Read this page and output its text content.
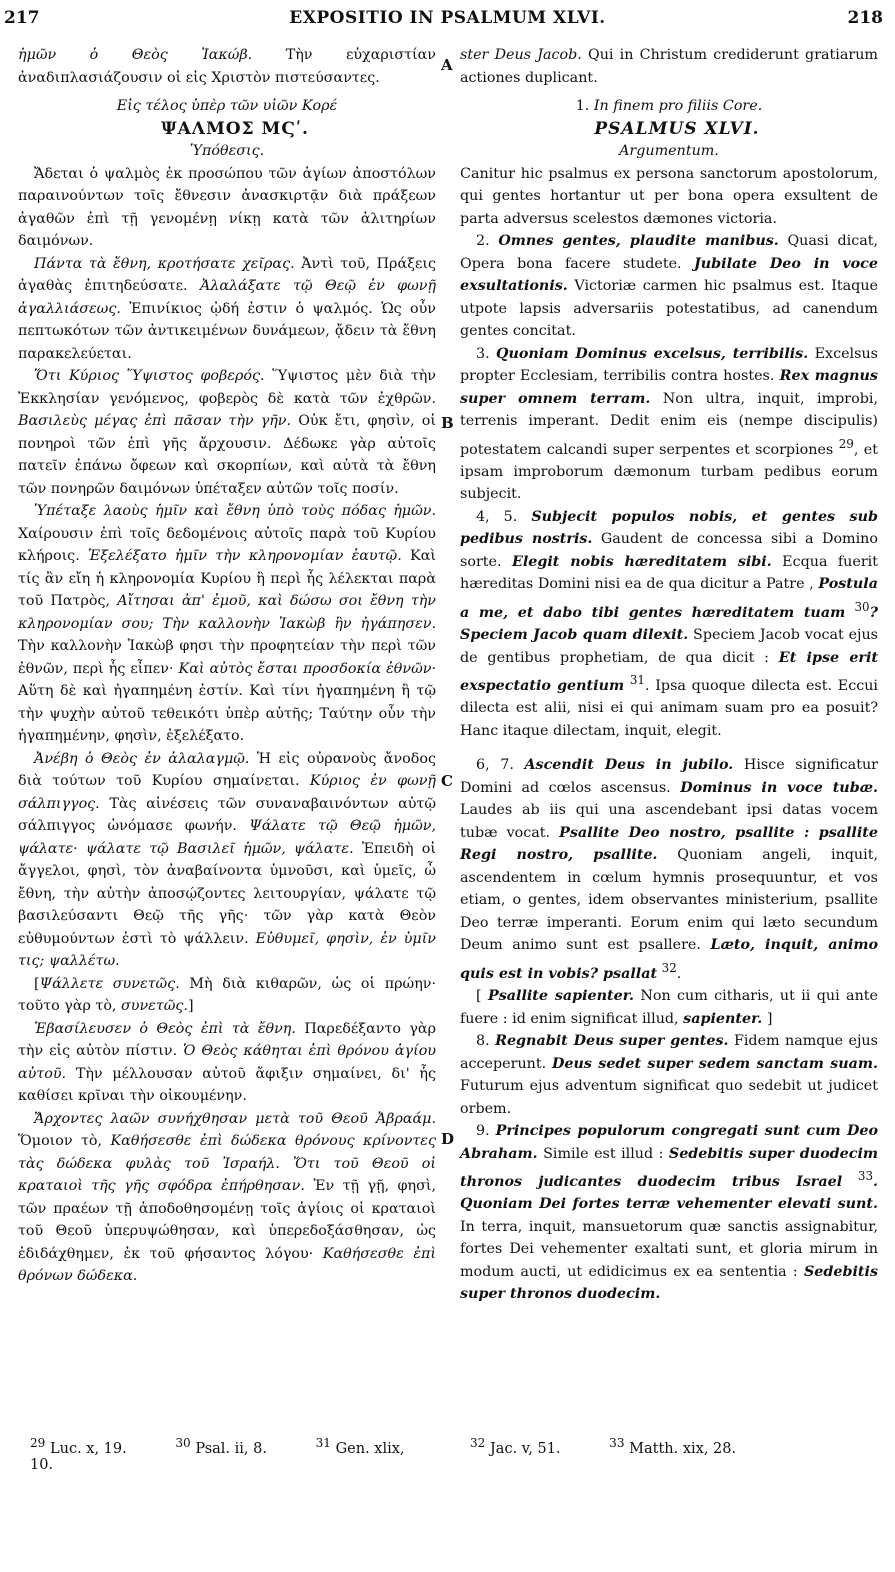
217	EXPOSITIO IN PSALMUM XLVI.	218

ἡμῶν ὁ Θεὸς Ἰακώβ. Τὴν εὐχαριστίαν ἀναδιπλασιάζουσιν οἱ εἰς Χριστὸν πιστεύσαντες.

Εἰς τέλος ὑπὲρ τῶν υἱῶν Κορέ

ΨΑΛΜΟΣ ΜϚʹ.

Ὑπόθεσις.

Ἄδεται ὁ ψαλμὸς ἐκ προσώπου τῶν ἁγίων ἀποστόλων παραινούντων τοῖς ἔθνεσιν ἀνασκιρτᾷν διὰ πράξεων ἀγαθῶν ἐπὶ τῇ γενομένῃ νίκῃ κατὰ τῶν ἀλιτηρίων δαιμόνων.

Πάντα τὰ ἔθνη, κροτήσατε χεῖρας. Ἀντὶ τοῦ, Πράξεις ἀγαθὰς ἐπιτηδεύσατε. Ἀλαλάξατε τῷ Θεῷ ἐν φωνῇ ἀγαλλιάσεως. Ἐπινίκιος ᾠδή ἐστιν ὁ ψαλμός. Ὡς οὖν πεπτωκότων τῶν ἀντικειμένων δυνάμεων, ᾄδειν τὰ ἔθνη παρακελεύεται.

Ὅτι Κύριος Ὕψιστος φοβερός. Ὕψιστος μὲν διὰ τὴν Ἐκκλησίαν γενόμενος, φοβερὸς δὲ κατὰ τῶν ἐχθρῶν. Βασιλεὺς μέγας ἐπὶ πᾶσαν τὴν γῆν. Οὐκ ἔτι, φησὶν, οἱ πονηροὶ τῶν ἐπὶ γῆς ἄρχουσιν. Δέδωκε γὰρ αὐτοῖς πατεῖν ἐπάνω ὄφεων καὶ σκορπίων, καὶ αὐτὰ τὰ ἔθνη τῶν πονηρῶν δαιμόνων ὑπέταξεν αὐτῶν τοῖς ποσίν.

Ὑπέταξε λαοὺς ἡμῖν καὶ ἔθνη ὑπὸ τοὺς πόδας ἡμῶν. Χαίρουσιν ἐπὶ τοῖς δεδομένοις αὐτοῖς παρὰ τοῦ Κυρίου κλήροις. Ἐξελέξατο ἡμῖν τὴν κληρονομίαν ἑαυτῷ. Καὶ τίς ἂν εἴη ἡ κληρονομία Κυρίου ἢ περὶ ἧς λέλεκται παρὰ τοῦ Πατρὸς, Αἴτησαι ἀπ' ἐμοῦ, καὶ δώσω σοι ἔθνη τὴν κληρονομίαν σου; Τὴν καλλονὴν Ἰακὼβ ἣν ἠγάπησεν. Τὴν καλλονὴν Ἰακὼβ φησι τὴν προφητείαν τὴν περὶ τῶν ἐθνῶν, περὶ ἧς εἶπεν· Καὶ αὐτὸς ἔσται προσδοκία ἐθνῶν· Αὕτη δὲ καὶ ἠγαπημένη ἐστίν. Καὶ τίνι ἠγαπημένη ἢ τῷ τὴν ψυχὴν αὐτοῦ τεθεικότι ὑπὲρ αὐτῆς; Ταύτην οὖν τὴν ἠγαπημένην, φησὶν, ἐξελέξατο.

Ἀνέβη ὁ Θεὸς ἐν ἀλαλαγμῷ. Ἡ εἰς οὐρανοὺς ἄνοδος διὰ τούτων τοῦ Κυρίου σημαίνεται. Κύριος ἐν φωνῇ σάλπιγγος. Τὰς αἰνέσεις τῶν συναναβαινόντων αὐτῷ σάλπιγγος ὠνόμασε φωνήν. Ψάλατε τῷ Θεῷ ἡμῶν, ψάλατε· ψάλατε τῷ Βασιλεῖ ἡμῶν, ψάλατε. Ἐπειδὴ οἱ ἄγγελοι, φησὶ, τὸν ἀναβαίνοντα ὑμνοῦσι, καὶ ὑμεῖς, ὦ ἔθνη, τὴν αὐτὴν ἀποσῴζοντες λειτουργίαν, ψάλατε τῷ βασιλεύσαντι Θεῷ τῆς γῆς· τῶν γὰρ κατὰ Θεὸν εὐθυμούντων ἐστὶ τὸ ψάλλειν. Εὐθυμεῖ, φησὶν, ἐν ὑμῖν τις; ψαλλέτω.

[Ψάλλετε συνετῶς. Μὴ διὰ κιθαρῶν, ὡς οἱ πρώην· τοῦτο γὰρ τὸ, συνετῶς.]

Ἐβασίλευσεν ὁ Θεὸς ἐπὶ τὰ ἔθνη. Παρεδέξαντο γὰρ τὴν εἰς αὐτὸν πίστιν. Ὁ Θεὸς κάθηται ἐπὶ θρόνου ἁγίου αὐτοῦ. Τὴν μέλλουσαν αὐτοῦ ἄφιξιν σημαίνει, δι' ἧς καθίσει κρῖναι τὴν οἰκουμένην.

Ἄρχοντες λαῶν συνήχθησαν μετὰ τοῦ Θεοῦ Ἀβραάμ. Ὅμοιον τὸ, Καθήσεσθε ἐπὶ δώδεκα θρόνους κρίνοντες τὰς δώδεκα φυλὰς τοῦ Ἰσραήλ. Ὅτι τοῦ Θεοῦ οἱ κραταιοὶ τῆς γῆς σφόδρα ἐπήρθησαν. Ἐν τῇ γῇ, φησὶ, τῶν πραέων τῇ ἀποδοθησομένῃ τοῖς ἁγίοις οἱ κραταιοὶ τοῦ Θεοῦ ὑπερυψώθησαν, καὶ ὑπερεδοξάσθησαν, ὡς ἐδιδάχθημεν, ἐκ τοῦ φήσαντος λόγου· Καθήσεσθε ἐπὶ θρόνων δώδεκα.

A
B
C
D

ster Deus Jacob. Qui in Christum crediderunt gratiarum actiones duplicant.

1. In finem pro filiis Core.

PSALMUS XLVI.

Argumentum.

Canitur hic psalmus ex persona sanctorum apostolorum, qui gentes hortantur ut per bona opera exsultent de parta adversus scelestos dæmones victoria.

2. Omnes gentes, plaudite manibus. Quasi dicat, Opera bona facere studete. Jubilate Deo in voce exsultationis. Victoriæ carmen hic psalmus est. Itaque utpote lapsis adversariis potestatibus, ad canendum gentes concitat.

3. Quoniam Dominus excelsus, terribilis. Excelsus propter Ecclesiam, terribilis contra hostes. Rex magnus super omnem terram. Non ultra, inquit, improbi, terrenis imperant. Dedit enim eis (nempe discipulis) potestatem calcandi super serpentes et scorpiones $^{29}$, et ipsam improborum dæmonum turbam pedibus eorum subjecit.

4, 5. Subjecit populos nobis, et gentes sub pedibus nostris. Gaudent de concessa sibi a Domino sorte. Elegit nobis hæreditatem sibi. Ecqua fuerit hæreditas Domini nisi ea de qua dicitur a Patre , Postula a me, et dabo tibi gentes hæreditatem tuam $^{30}$? Speciem Jacob quam dilexit. Speciem Jacob vocat ejus de gentibus prophetiam, de qua dicit : Et ipse erit exspectatio gentium $^{31}$. Ipsa quoque dilecta est. Eccui dilecta est alii, nisi ei qui animam suam pro ea posuit? Hanc itaque dilectam, inquit, elegit.

6, 7. Ascendit Deus in jubilo. Hisce significatur Domini ad cœlos ascensus. Dominus in voce tubæ. Laudes ab iis qui una ascendebant ipsi datas vocem tubæ vocat. Psallite Deo nostro, psallite : psallite Regi nostro, psallite. Quoniam angeli, inquit, ascendentem in cœlum hymnis prosequuntur, et vos etiam, o gentes, idem observantes ministerium, psallite Deo terræ imperanti. Eorum enim qui læto secundum Deum animo sunt est psallere. Læto, inquit, animo quis est in vobis? psallat $^{32}$.

[ Psallite sapienter. Non cum citharis, ut ii qui ante fuere : id enim significat illud, sapienter. ]

8. Regnabit Deus super gentes. Fidem namque ejus acceperunt. Deus sedet super sedem sanctam suam. Futurum ejus adventum significat quo sedebit ut judicet orbem.

9. Principes populorum congregati sunt cum Deo Abraham. Simile est illud : Sedebitis super duodecim thronos judicantes duodecim tribus Israel $^{33}$. Quoniam Dei fortes terræ vehementer elevati sunt. In terra, inquit, mansuetorum quæ sanctis assignabitur, fortes Dei vehementer exaltati sunt, et gloria mirum in modum aucti, ut edidicimus ex ea sententia : Sedebitis super thronos duodecim.

$^{29}$ Luc. x, 19.	$^{30}$ Psal. ii, 8.	$^{31}$ Gen. xlix, 10.
$^{32}$ Jac. v, 51.	$^{33}$ Matth. xix, 28.
